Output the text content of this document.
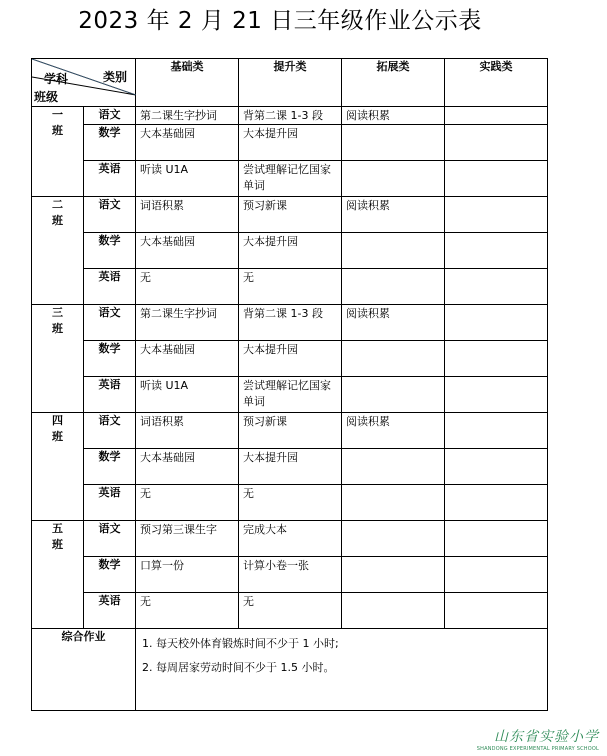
2023 年 2 月 21 日三年级作业公示表
类别
学科
班级		基础类	提升类	拓展类	实践类

一
班	语文	第二课生字抄词	背第二课 1-3 段	阅读积累	
	数学	大本基础园	大本提升园		
	英语	听读 U1A	尝试理解记忆国家单词		

二
班	语文	词语积累	预习新课	阅读积累	
	数学	大本基础园	大本提升园		
	英语	无	无		

三
班	语文	第二课生字抄词	背第二课 1-3 段	阅读积累	
	数学	大本基础园	大本提升园		
	英语	听读 U1A	尝试理解记忆国家单词		

四
班	语文	词语积累	预习新课	阅读积累	
	数学	大本基础园	大本提升园		
	英语	无	无		

五
班	语文	预习第三课生字	完成大本		
	数学	口算一份	计算小卷一张		
	英语	无	无		
综合作业		1. 每天校外体育锻炼时间不少于 1 小时;
2. 每周居家劳动时间不少于 1.5 小时。			
山东省实验小学
SHANDONG EXPERIMENTAL PRIMARY SCHOOL
